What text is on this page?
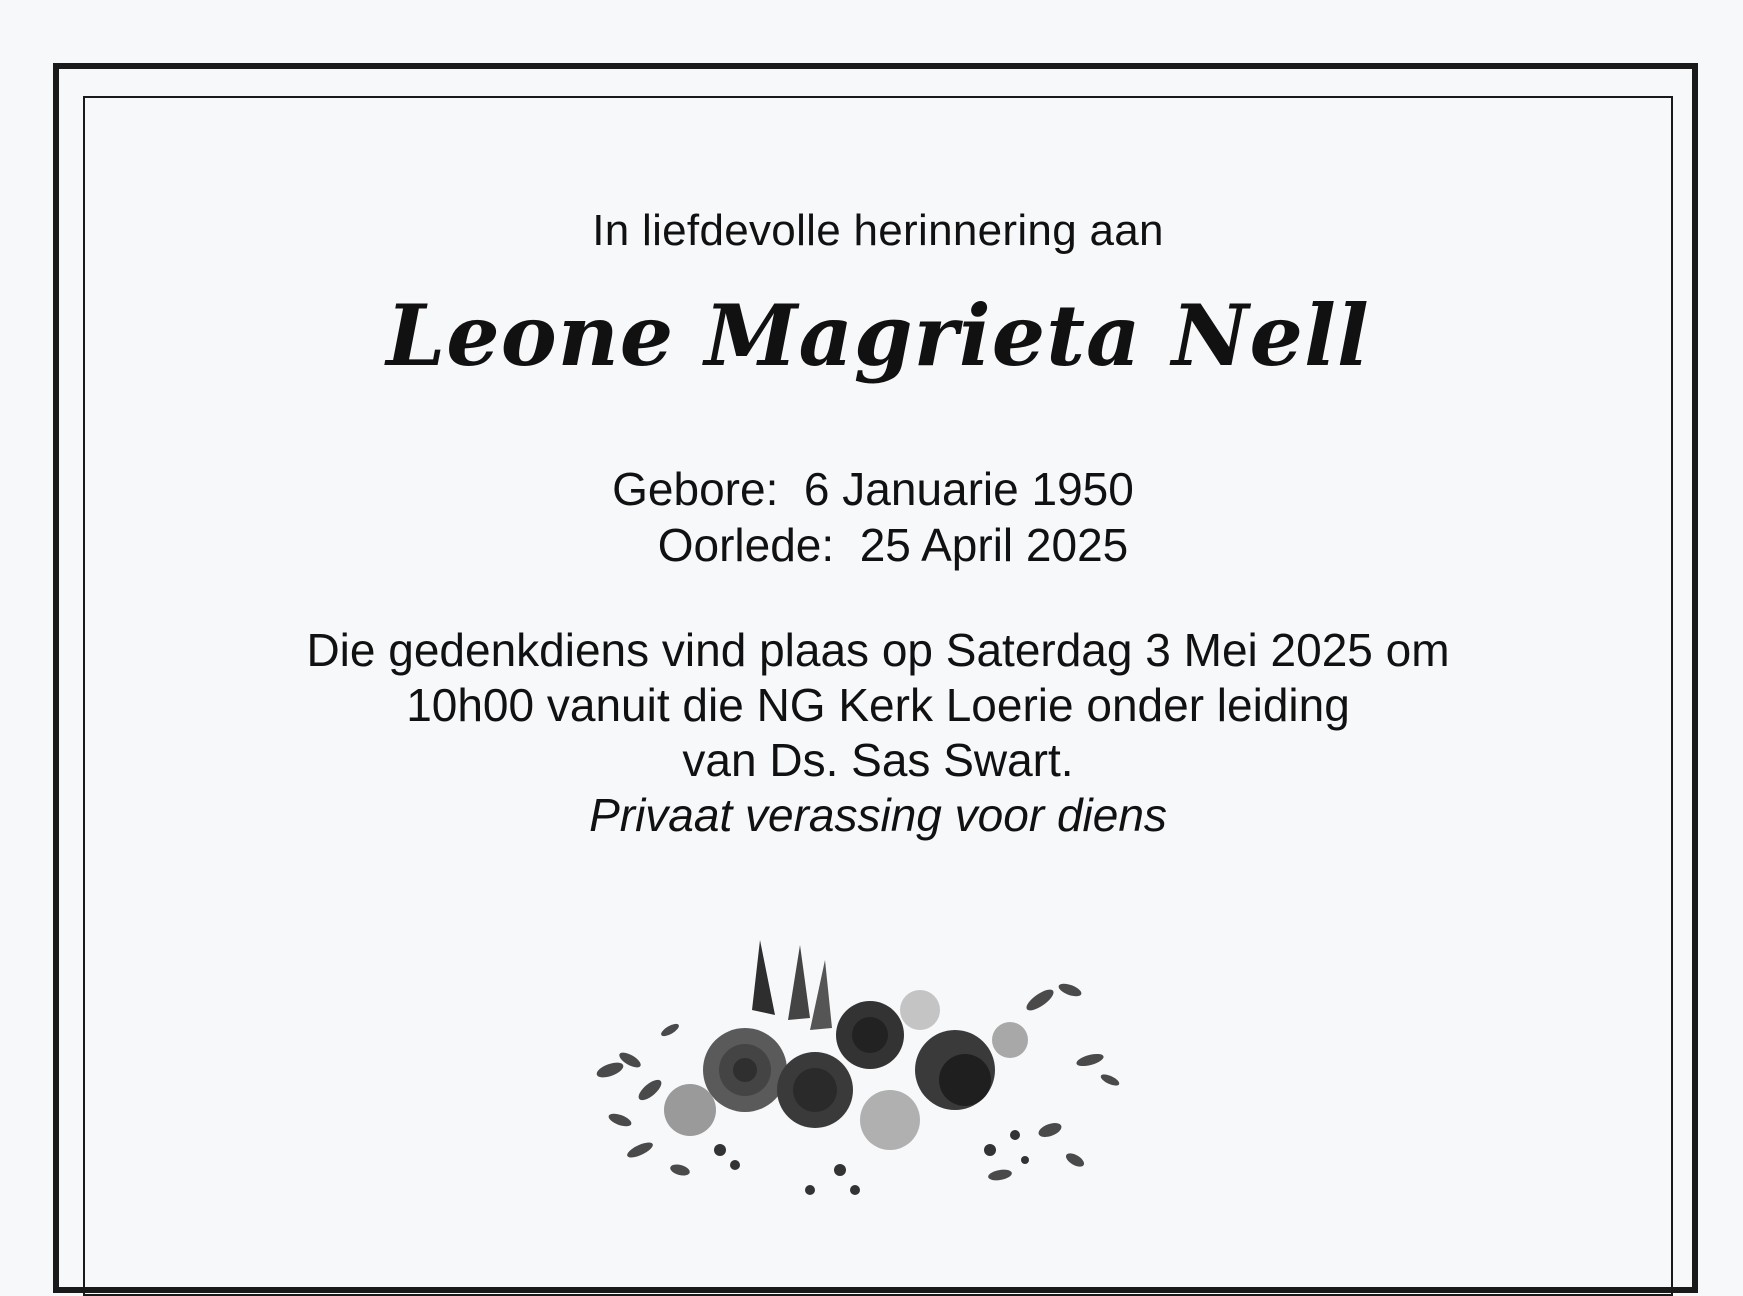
In liefdevolle herinnering aan
Leone Magrieta Nell
Gebore: 6 Januarie 1950
Oorlede: 25 April 2025
Die gedenkdiens vind plaas op Saterdag 3 Mei 2025 om
10h00 vanuit die NG Kerk Loerie onder leiding
van Ds. Sas Swart.
Privaat verassing voor diens
